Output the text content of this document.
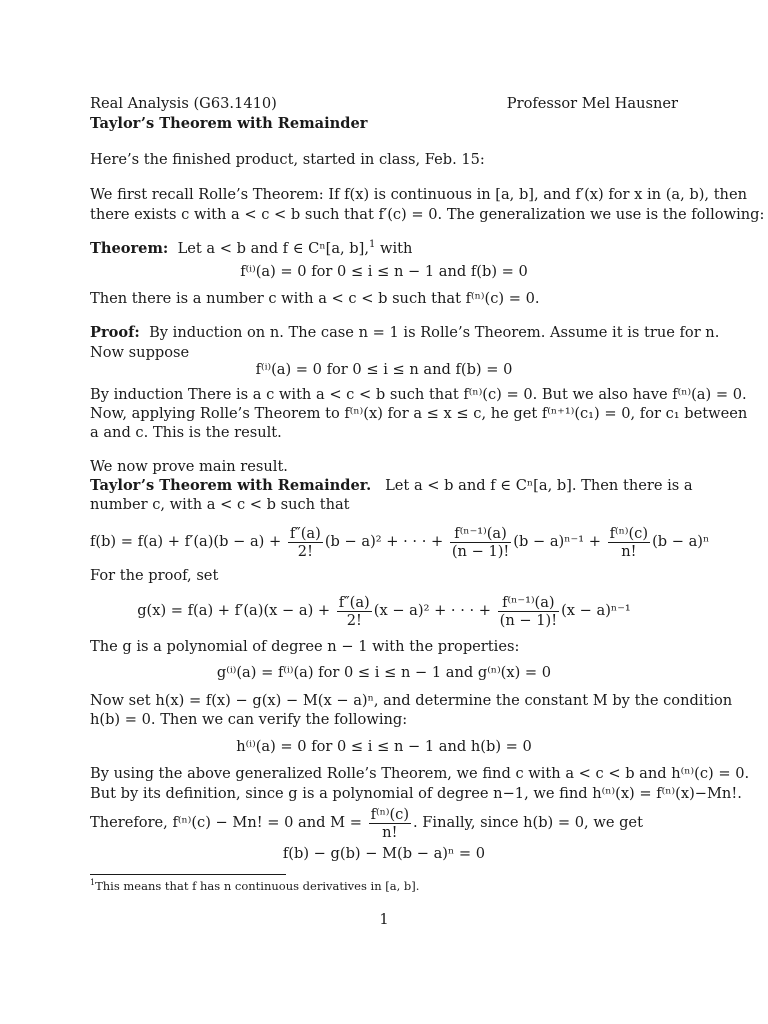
Real Analysis (G63.1410)	Professor Mel Hausner
Taylor’s Theorem with Remainder
Here’s the finished product, started in class, Feb. 15:
We first recall Rolle’s Theorem: If f(x) is continuous in [a, b], and f′(x) for x in (a, b), then
there exists c with a < c < b such that f′(c) = 0. The generalization we use is the following:
Theorem: Let a < b and f ∈ Cⁿ[a, b],$^1$ with
f⁽ⁱ⁾(a) = 0 for 0 ≤ i ≤ n − 1 and f(b) = 0
Then there is a number c with a < c < b such that f⁽ⁿ⁾(c) = 0.
Proof: By induction on n. The case n = 1 is Rolle’s Theorem. Assume it is true for n.
Now suppose
f⁽ⁱ⁾(a) = 0 for 0 ≤ i ≤ n and f(b) = 0
By induction There is a c with a < c < b such that f⁽ⁿ⁾(c) = 0. But we also have f⁽ⁿ⁾(a) = 0.
Now, applying Rolle’s Theorem to f⁽ⁿ⁾(x) for a ≤ x ≤ c, he get f⁽ⁿ⁺¹⁾(c₁) = 0, for c₁ between
a and c. This is the result.
We now prove main result.
Taylor’s Theorem with Remainder. Let a < b and f ∈ Cⁿ[a, b]. Then there is a
number c, with a < c < b such that
$f(b) = f(a) + f'(a)(b - a) + \frac{f''(a)}{2!} (b - a)^2$ + · · · + $\frac{\text{f⁽ⁿ⁻¹⁾(a)}}{(n - 1)!} (b - a)^{n-1} + \frac{\text{f⁽ⁿ⁾(c)}}{n!} (b - a)^n$
For the proof, set
$g(x) = f(a) + f'(a)(x - a) + \frac{f''(a)}{2!} (x - a)^2$ + · · · + $\frac{\text{f⁽ⁿ⁻¹⁾(a)}}{(n - 1)!} (x - a)^{n-1}$
The g is a polynomial of degree n − 1 with the properties:
g⁽ⁱ⁾(a) = f⁽ⁱ⁾(a) for 0 ≤ i ≤ n − 1 and g⁽ⁿ⁾(x) = 0
Now set h(x) = f(x) − g(x) − M(x − a)ⁿ, and determine the constant M by the condition
h(b) = 0. Then we can verify the following:
h⁽ⁱ⁾(a) = 0 for 0 ≤ i ≤ n − 1 and h(b) = 0
By using the above generalized Rolle’s Theorem, we find c with a < c < b and h⁽ⁿ⁾(c) = 0.
But by its definition, since g is a polynomial of degree n−1, we find h⁽ⁿ⁾(x) = f⁽ⁿ⁾(x)−Mn!.
Therefore, f⁽ⁿ⁾(c) − Mn! = 0 and $M = \frac{\text{f⁽ⁿ⁾(c)}}{n!}$ . Finally, since h(b) = 0, we get
f(b) − g(b) − M(b − a)ⁿ = 0
$^1$This means that f has n continuous derivatives in [a, b].
1
